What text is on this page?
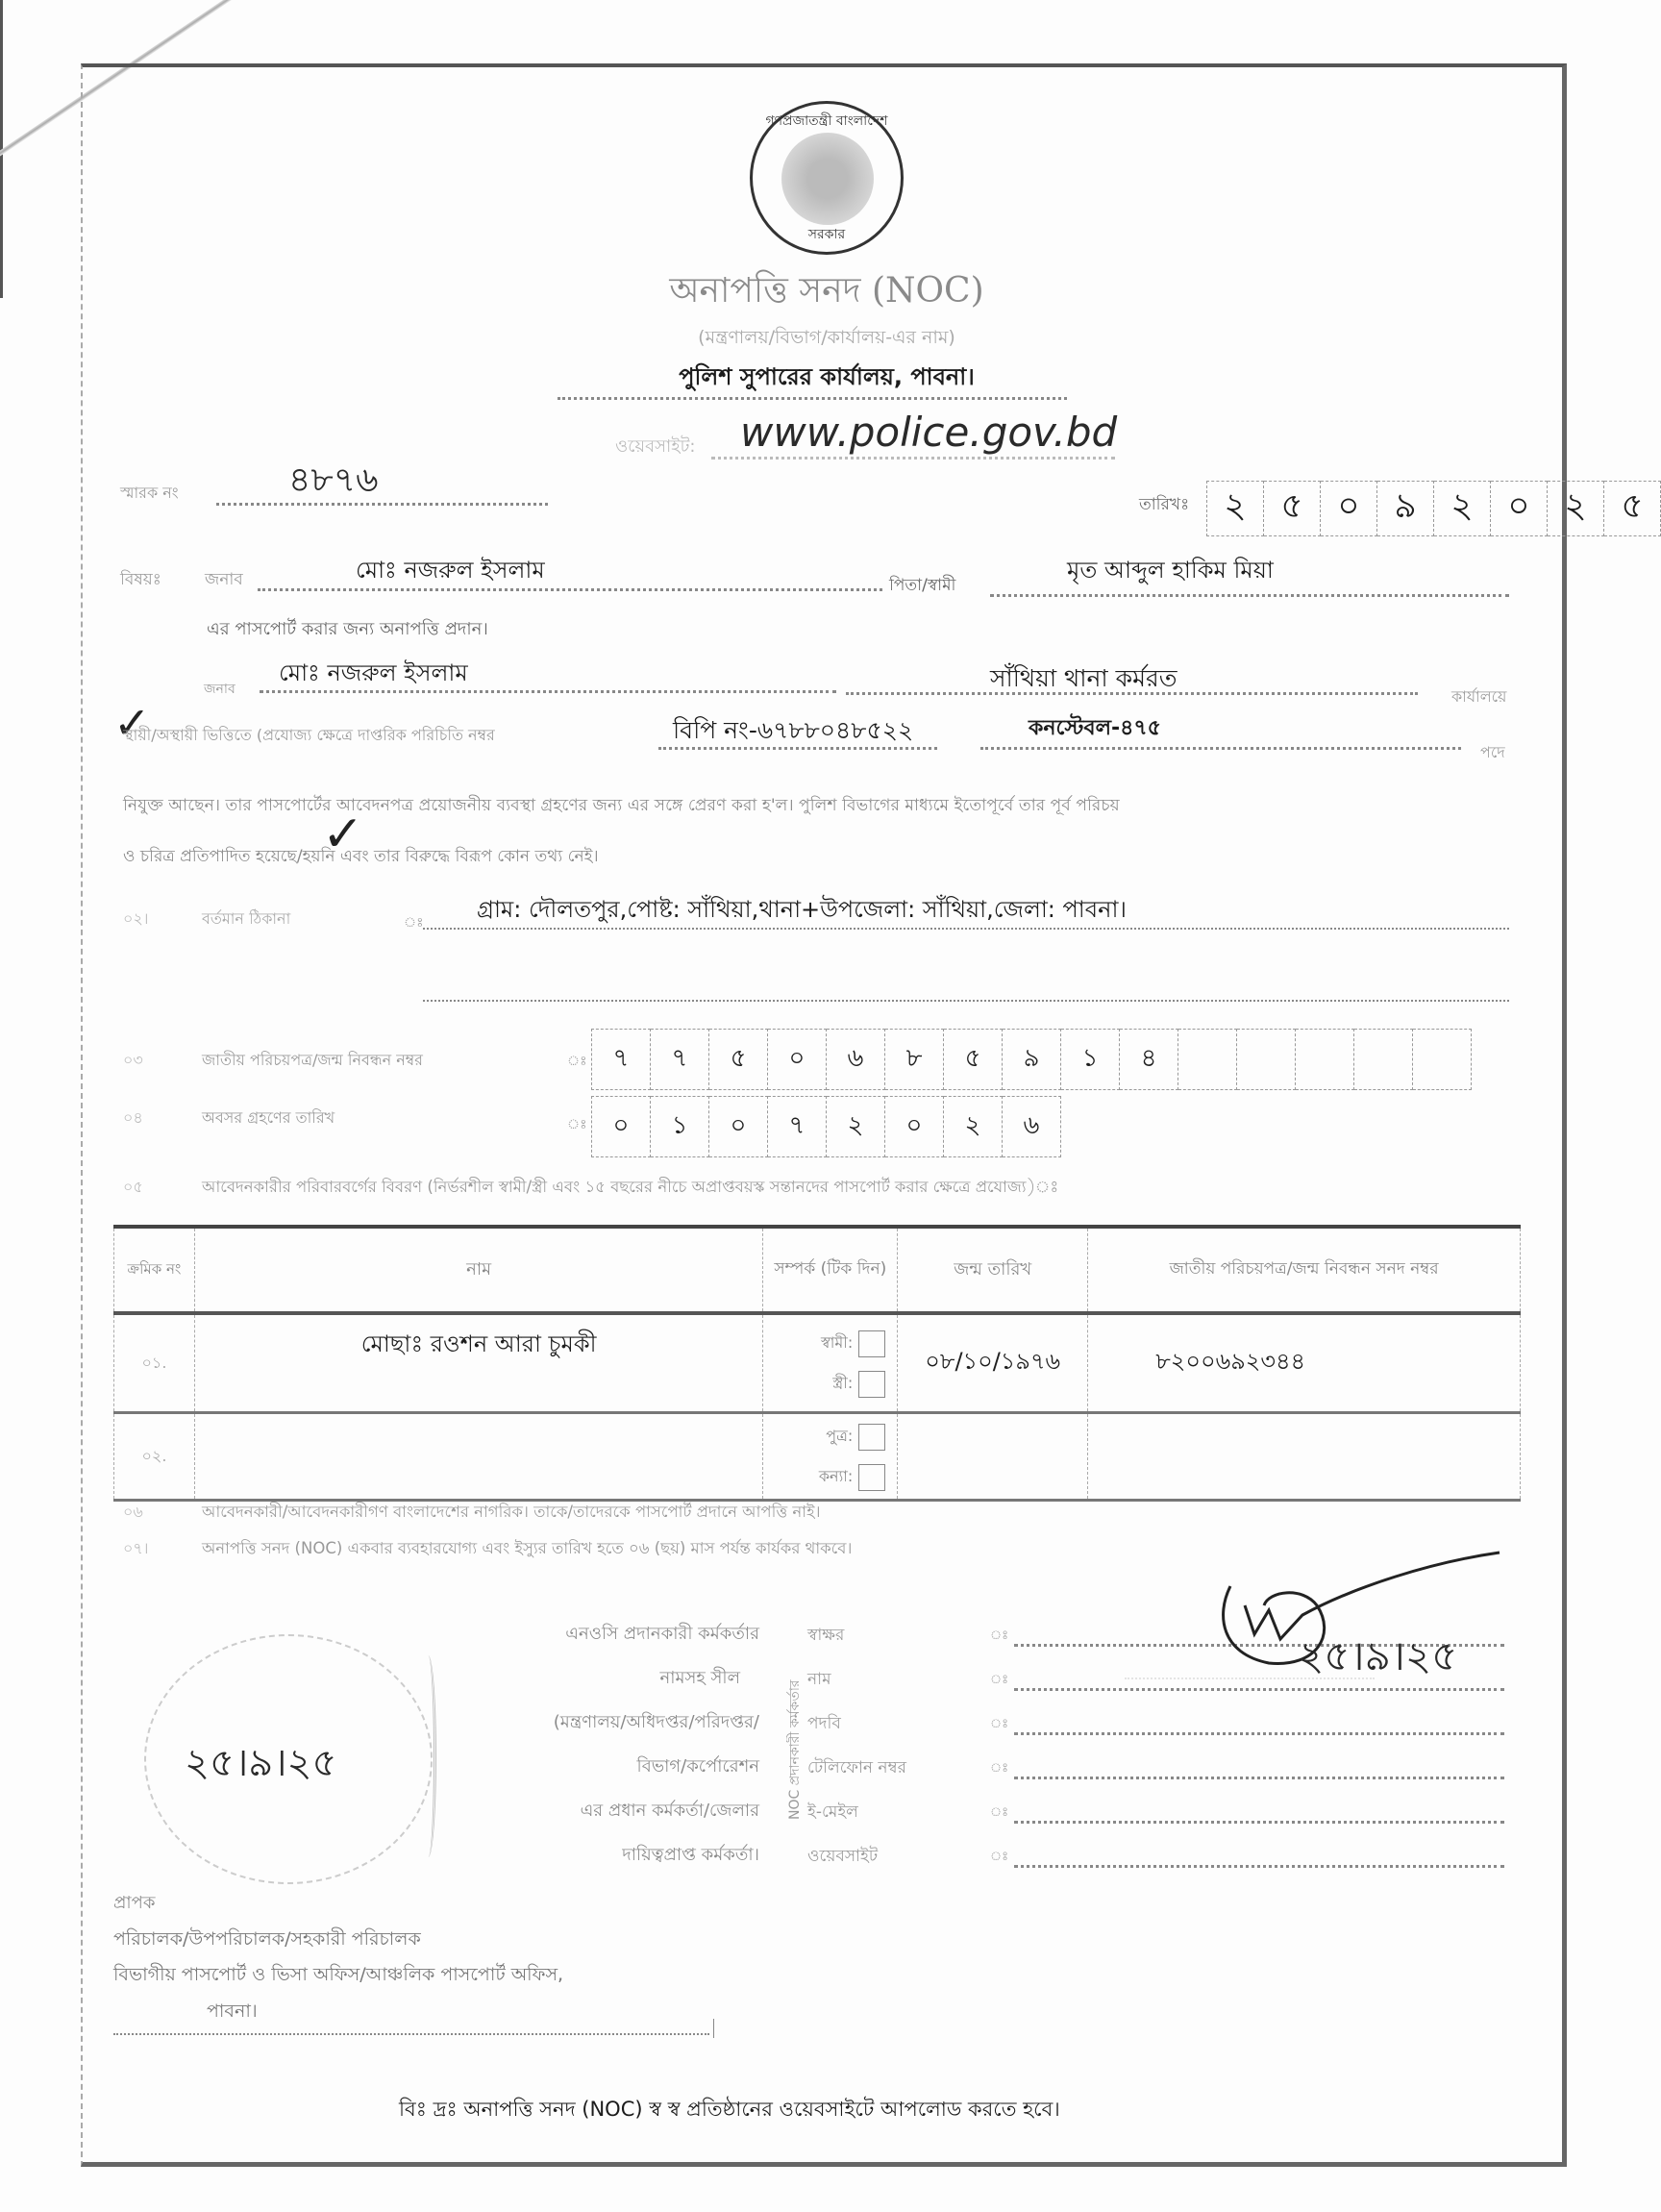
গণপ্রজাতন্ত্রী বাংলাদেশ
সরকার
অনাপত্তি সনদ (NOC)
(মন্ত্রণালয়/বিভাগ/কার্যালয়-এর নাম)
পুলিশ সুপারের কার্যালয়, পাবনা।
ওয়েবসাইট: www.police.gov.bd
স্মারক নং	৪৮৭৬
তারিখঃ	২ ৫ ০ ৯ ২ ০ ২ ৫
বিষয়ঃ	জনাব	মোঃ নজরুল ইসলাম
পিতা/স্বামী
মৃত আব্দুল হাকিম মিয়া
এর পাসপোর্ট করার জন্য অনাপত্তি প্রদান।
জনাব
মোঃ নজরুল ইসলাম	সাঁথিয়া থানা কর্মরত
কার্যালয়ে
✓
স্থায়ী/অস্থায়ী ভিত্তিতে (প্রযোজ্য ক্ষেত্রে দাপ্তরিক পরিচিতি নম্বর	বিপি নং-৬৭৮৮০৪৮৫২২	কনস্টেবল-৪৭৫
পদে
নিযুক্ত আছেন। তার পাসপোর্টের আবেদনপত্র প্রয়োজনীয় ব্যবস্থা গ্রহণের জন্য এর সঙ্গে প্রেরণ করা হ'ল। পুলিশ বিভাগের মাধ্যমে ইতোপূর্বে তার পূর্ব পরিচয়
✓
ও চরিত্র প্রতিপাদিত হয়েছে/হয়নি এবং তার বিরুদ্ধে বিরূপ কোন তথ্য নেই।
০২।	বর্তমান ঠিকানা	ঃ গ্রাম: দৌলতপুর,পোষ্ট: সাঁথিয়া,থানা+উপজেলা: সাঁথিয়া,জেলা: পাবনা।
০৩	জাতীয় পরিচয়পত্র/জন্ম নিবন্ধন নম্বর	ঃ	৭	৭	৫	০	৬	৮	৫	৯	১	৪
০৪	অবসর গ্রহণের তারিখ	ঃ	০	১	০	৭	২	০	২	৬
০৫	আবেদনকারীর পরিবারবর্গের বিবরণ (নির্ভরশীল স্বামী/স্ত্রী এবং ১৫ বছরের নীচে অপ্রাপ্তবয়স্ক সন্তানদের পাসপোর্ট করার ক্ষেত্রে প্রযোজ্য)ঃ
ক্রমিক নং	নাম	সম্পর্ক (টিক দিন)	জন্ম তারিখ	জাতীয় পরিচয়পত্র/জন্ম নিবন্ধন সনদ নম্বর
০১.	মোছাঃ রওশন আরা চুমকী	স্বামী:
স্ত্রী:
	০৮/১০/১৯৭৬	৮২০০৬৯২৩৪৪
০২.		
পুত্র:
কন্যা:

০৬	আবেদনকারী/আবেদনকারীগণ বাংলাদেশের নাগরিক। তাকে/তাদেরকে পাসপোর্ট প্রদানে আপত্তি নাই।
০৭।	অনাপত্তি সনদ (NOC) একবার ব্যবহারযোগ্য এবং ইস্যুর তারিখ হতে ০৬ (ছয়) মাস পর্যন্ত কার্যকর থাকবে।
২৫।৯।২৫
এনওসি প্রদানকারী কর্মকর্তার
নামসহ সীল
(মন্ত্রণালয়/অধিদপ্তর/পরিদপ্তর/
বিভাগ/কর্পোরেশন
এর প্রধান কর্মকর্তা/জেলার
দায়িত্বপ্রাপ্ত কর্মকর্তা।
NOC প্রদানকারী কর্মকর্তার
স্বাক্ষর	ঃ
নাম	ঃ
পদবি	ঃ
টেলিফোন নম্বর	ঃ
ই-মেইল	ঃ
ওয়েবসাইট	ঃ
২৫।৯।২৫
প্রাপক
পরিচালক/উপপরিচালক/সহকারী পরিচালক
বিভাগীয় পাসপোর্ট ও ভিসা অফিস/আঞ্চলিক পাসপোর্ট অফিস,
পাবনা।
বিঃ দ্রঃ অনাপত্তি সনদ (NOC) স্ব স্ব প্রতিষ্ঠানের ওয়েবসাইটে আপলোড করতে হবে।
